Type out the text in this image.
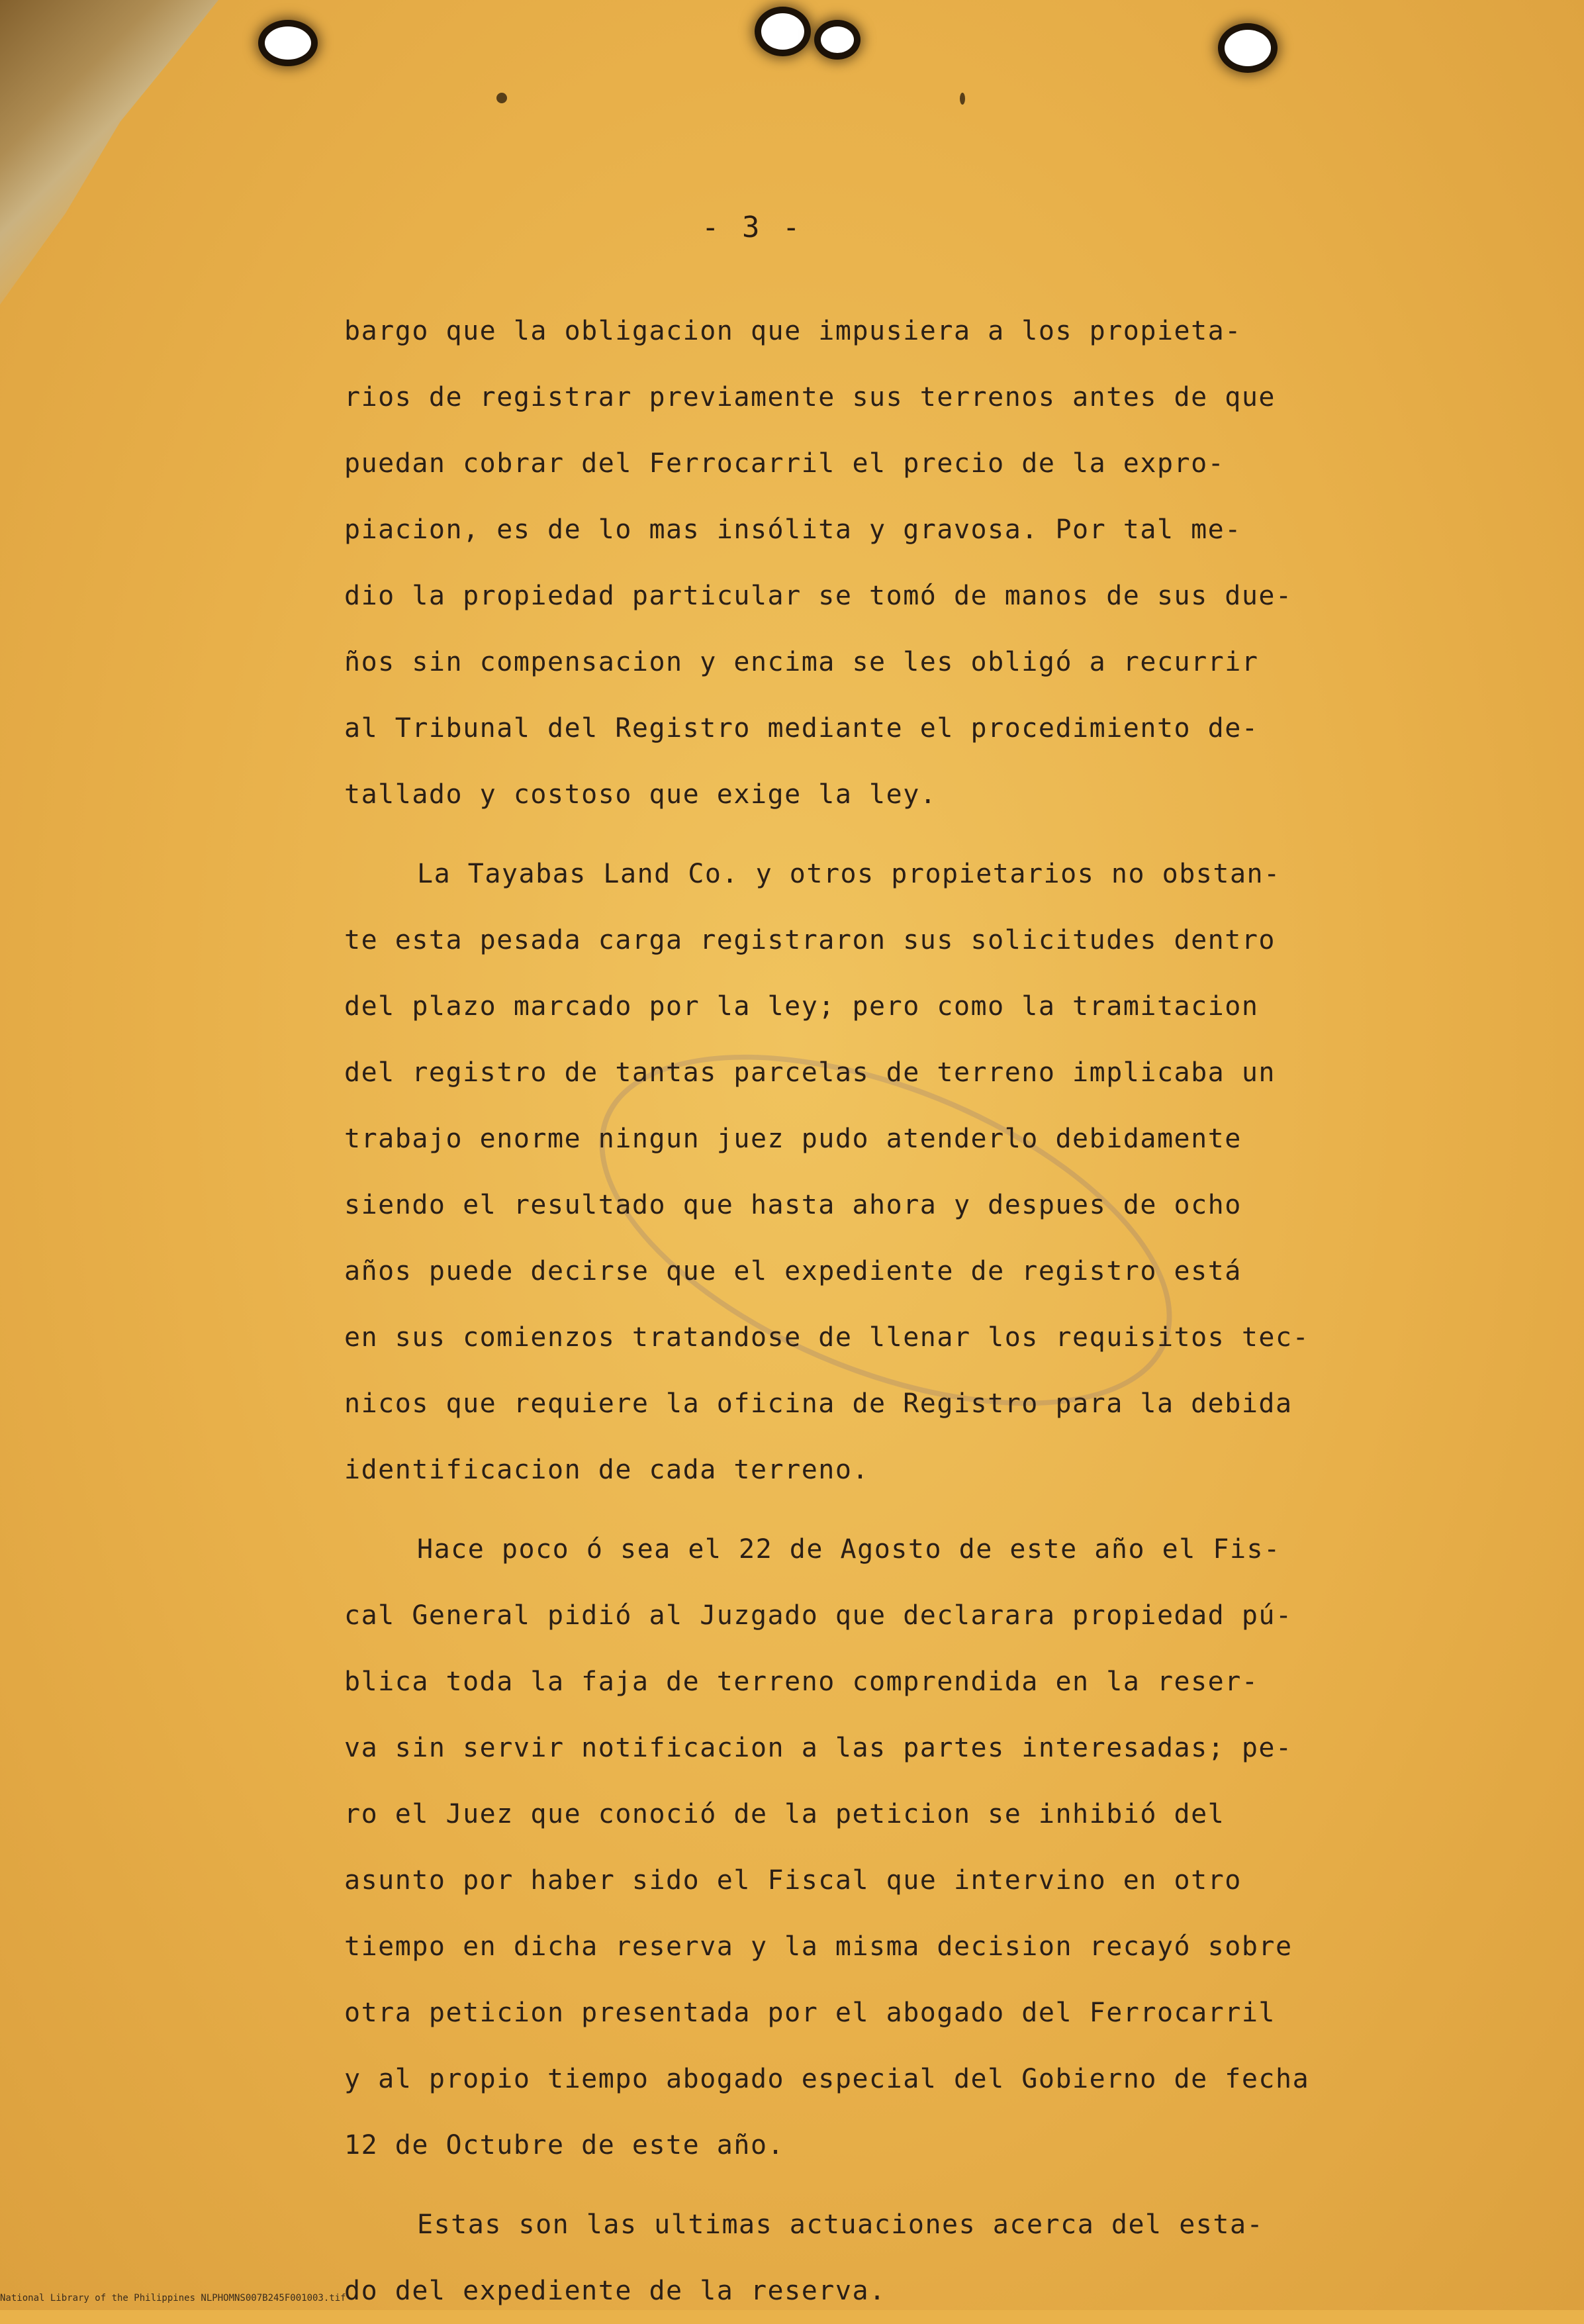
- 3 -
bargo que la obligacion que impusiera a los propieta-
rios de registrar previamente sus terrenos antes de que
puedan cobrar del Ferrocarril el precio de la expro-
piacion, es de lo mas insólita y gravosa. Por tal me-
dio la propiedad particular se tomó de manos de sus due-
ños sin compensacion y encima se les obligó a recurrir
al Tribunal del Registro mediante el procedimiento de-
tallado y costoso que exige la ley.
La Tayabas Land Co. y otros propietarios no obstan-
te esta pesada carga registraron sus solicitudes dentro
del plazo marcado por la ley; pero como la tramitacion
del registro de tantas parcelas de terreno implicaba un
trabajo enorme ningun juez pudo atenderlo debidamente
siendo el resultado que hasta ahora y despues de ocho
años puede decirse que el expediente de registro está
en sus comienzos tratandose de llenar los requisitos tec-
nicos que requiere la oficina de Registro para la debida
identificacion de cada terreno.
Hace poco ó sea el 22 de Agosto de este año el Fis-
cal General pidió al Juzgado que declarara propiedad pú-
blica toda la faja de terreno comprendida en la reser-
va sin servir notificacion a las partes interesadas; pe-
ro el Juez que conoció de la peticion se inhibió del
asunto por haber sido el Fiscal que intervino en otro
tiempo en dicha reserva y la misma decision recayó sobre
otra peticion presentada por el abogado del Ferrocarril
y al propio tiempo abogado especial del Gobierno de fecha
12 de Octubre de este año.
Estas son las ultimas actuaciones acerca del esta-
do del expediente de la reserva.
National Library of the Philippines NLPHOMNS007B245F001003.tif
